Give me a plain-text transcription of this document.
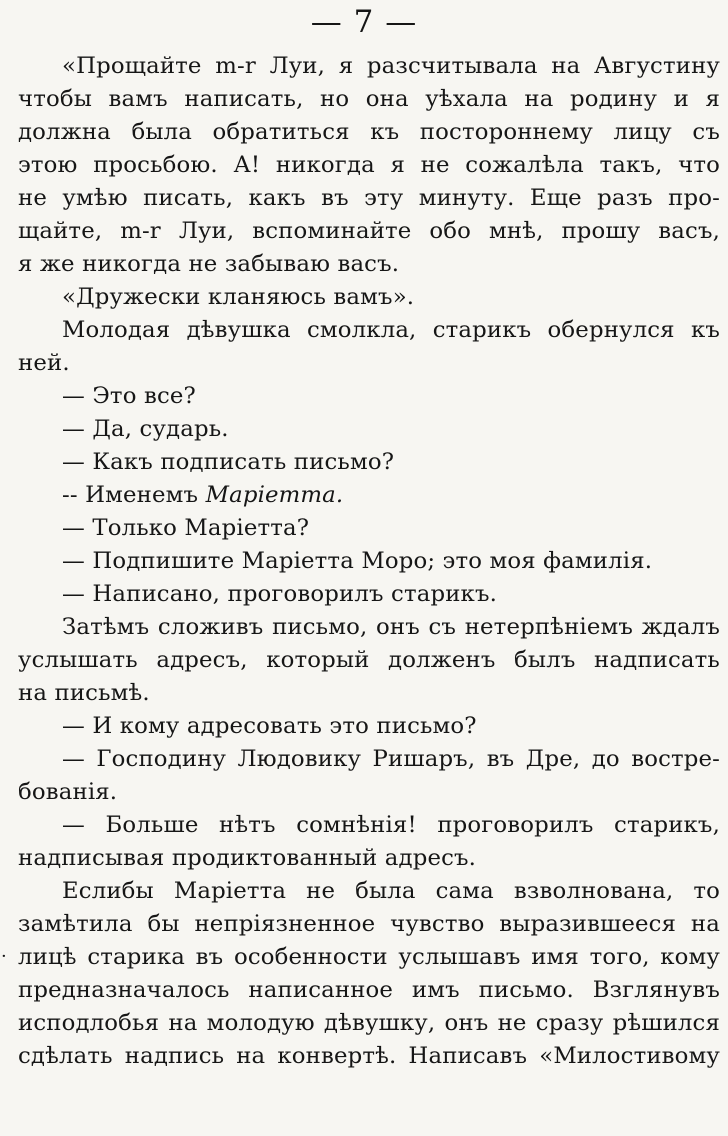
— 7 —
«Прощайте m-r Луи, я разсчитывала на Августину
чтобы вамъ написать, но она уѣхала на родину и я
должна была обратиться къ постороннему лицу съ
этою просьбою. А! никогда я не сожалѣла такъ, что
не умѣю писать, какъ въ эту минуту. Еще разъ про-
щайте, m-r Луи, вспоминайте обо мнѣ, прошу васъ,
я же никогда не забываю васъ.
«Дружески кланяюсь вамъ».
Молодая дѣвушка смолкла, старикъ обернулся къ
ней.
— Это все?
— Да, сударь.
— Какъ подписать письмо?
-- Именемъ Маріетта.
— Только Маріетта?
— Подпишите Маріетта Моро; это моя фамилія.
— Написано, проговорилъ старикъ.
Затѣмъ сложивъ письмо, онъ съ нетерпѣніемъ ждалъ
услышать адресъ, который долженъ былъ надписать
на письмѣ.
— И кому адресовать это письмо?
— Господину Людовику Ришаръ, въ Дре, до востре-
бованія.
— Больше нѣтъ сомнѣнія! проговорилъ старикъ,
надписывая продиктованный адресъ.
Еслибы Маріетта не была сама взволнована, то
замѣтила бы непріязненное чувство выразившееся на
· лицѣ старика въ особенности услышавъ имя того, кому
предназначалось написанное имъ письмо. Взглянувъ
исподлобья на молодую дѣвушку, онъ не сразу рѣшился
сдѣлать надпись на конвертѣ. Написавъ «Милостивому
